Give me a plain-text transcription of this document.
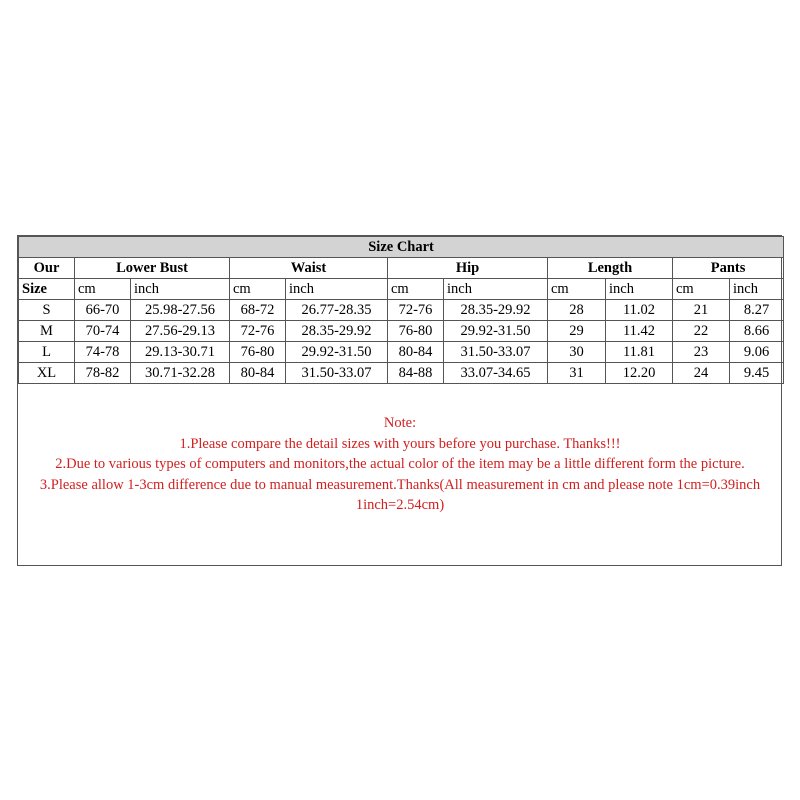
Size Chart										
Our	Lower Bust		Waist		Hip		Length		Pants	
Size	cm	inch	cm	inch	cm	inch	cm	inch	cm	inch
S	66-70	25.98-27.56	68-72	26.77-28.35	72-76	28.35-29.92	28	11.02	21	8.27
M	70-74	27.56-29.13	72-76	28.35-29.92	76-80	29.92-31.50	29	11.42	22	8.66
L	74-78	29.13-30.71	76-80	29.92-31.50	80-84	31.50-33.07	30	11.81	23	9.06
XL	78-82	30.71-32.28	80-84	31.50-33.07	84-88	33.07-34.65	31	12.20	24	9.45

Note:

1.Please compare the detail sizes with yours before you purchase. Thanks!!!

2.Due to various types of computers and monitors,the actual color of the item may be a little different form the picture.

3.Please allow 1-3cm difference due to manual measurement.Thanks(All measurement in cm and please note 1cm=0.39inch 1inch=2.54cm)
